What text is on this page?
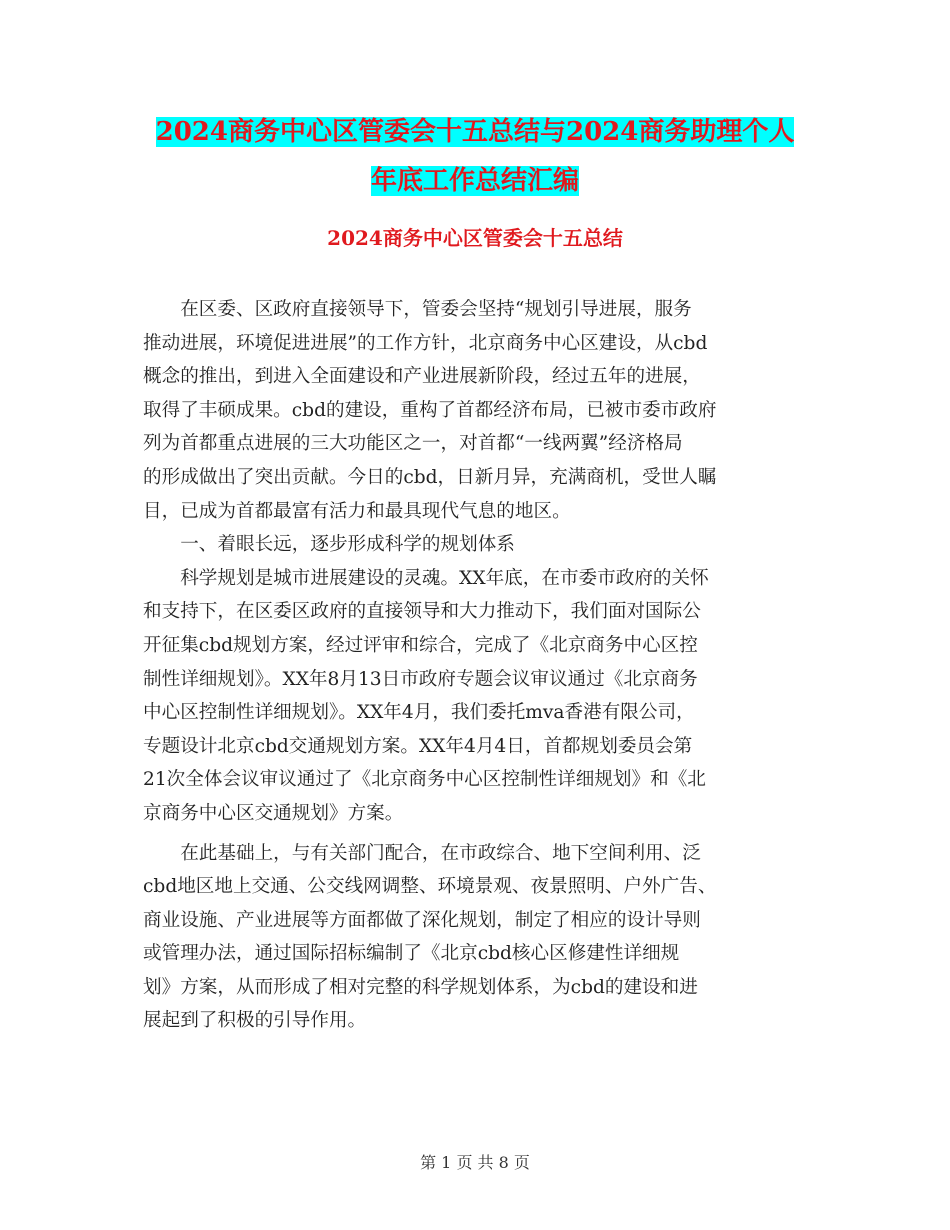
2024商务中心区管委会十五总结与2024商务助理个人
年底工作总结汇编
2024商务中心区管委会十五总结

　　在区委、区政府直接领导下，管委会坚持“规划引导进展，服务
推动进展，环境促进进展”的工作方针，北京商务中心区建设，从cbd
概念的推出，到进入全面建设和产业进展新阶段，经过五年的进展，
取得了丰硕成果。cbd的建设，重构了首都经济布局，已被市委市政府
列为首都重点进展的三大功能区之一，对首都“一线两翼”经济格局
的形成做出了突出贡献。今日的cbd，日新月异，充满商机，受世人瞩
目，已成为首都最富有活力和最具现代气息的地区。

　　一、着眼长远，逐步形成科学的规划体系

　　科学规划是城市进展建设的灵魂。XX年底，在市委市政府的关怀
和支持下，在区委区政府的直接领导和大力推动下，我们面对国际公
开征集cbd规划方案，经过评审和综合，完成了《北京商务中心区控
制性详细规划》。XX年8月13日市政府专题会议审议通过《北京商务
中心区控制性详细规划》。XX年4月，我们委托mva香港有限公司，
专题设计北京cbd交通规划方案。XX年4月4日，首都规划委员会第
21次全体会议审议通过了《北京商务中心区控制性详细规划》和《北
京商务中心区交通规划》方案。

　　在此基础上，与有关部门配合，在市政综合、地下空间利用、泛
cbd地区地上交通、公交线网调整、环境景观、夜景照明、户外广告、
商业设施、产业进展等方面都做了深化规划，制定了相应的设计导则
或管理办法，通过国际招标编制了《北京cbd核心区修建性详细规
划》方案，从而形成了相对完整的科学规划体系，为cbd的建设和进
展起到了积极的引导作用。

第 1 页 共 8 页
